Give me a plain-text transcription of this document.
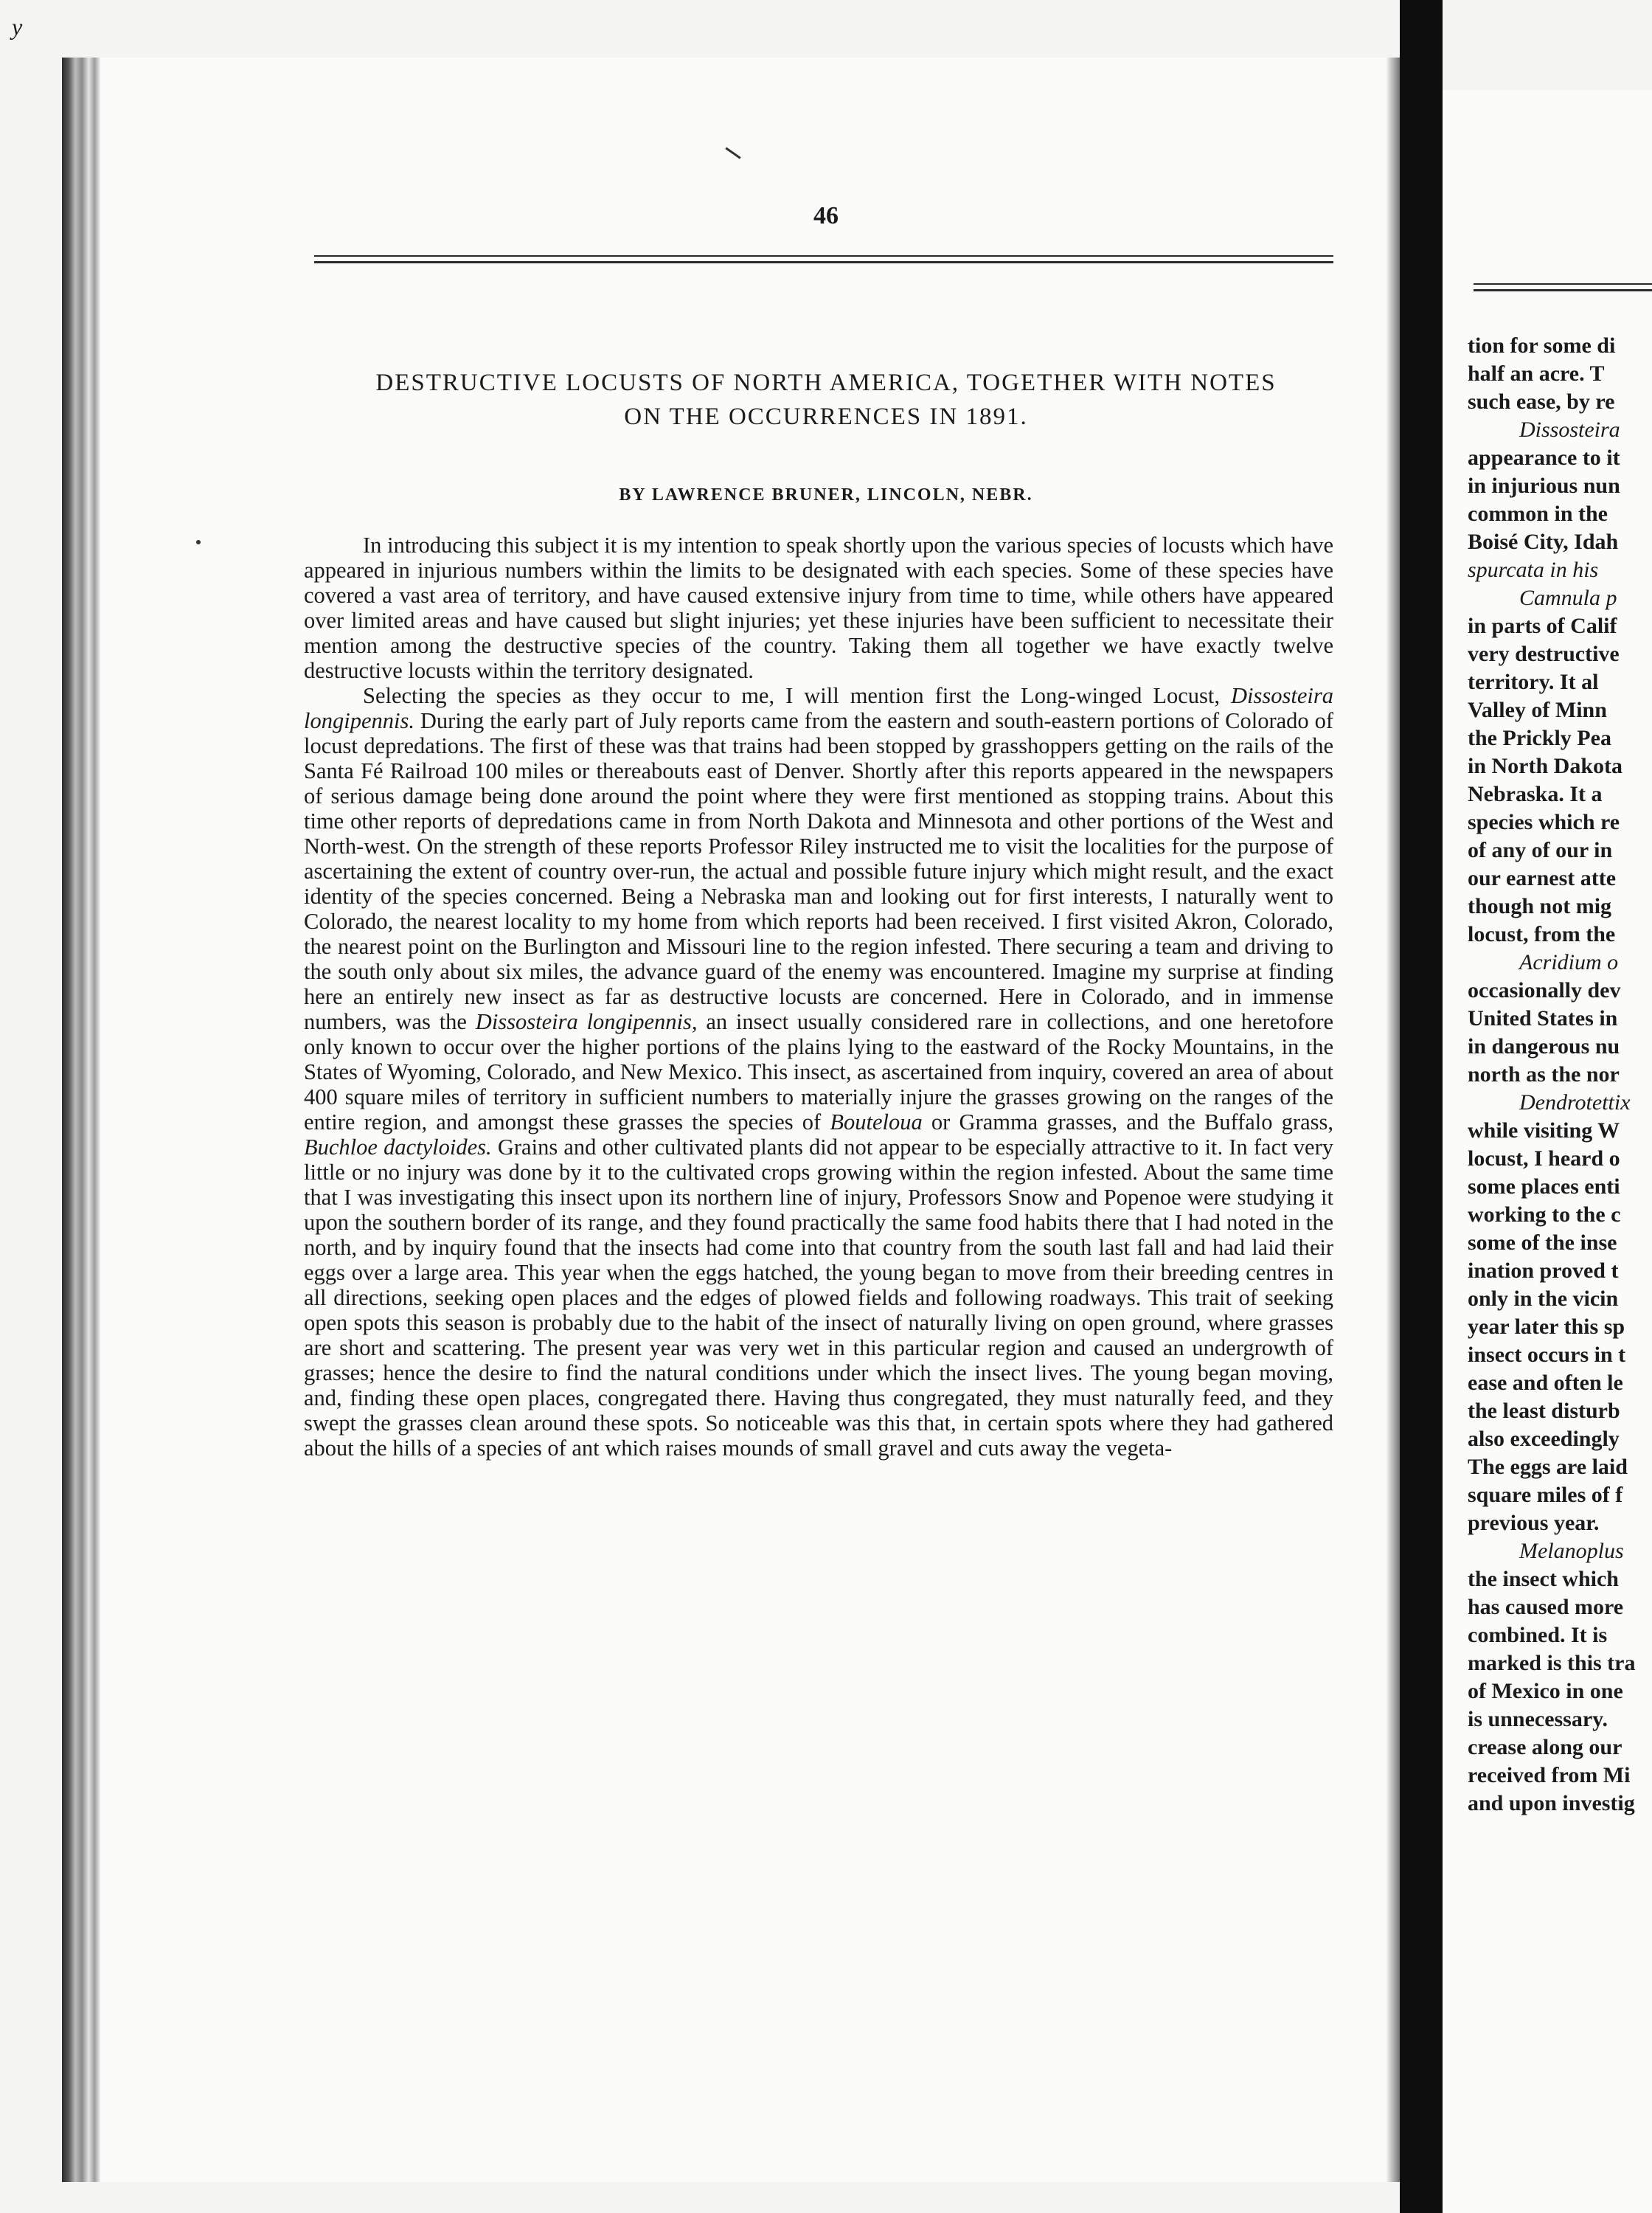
y
46
DESTRUCTIVE LOCUSTS OF NORTH AMERICA, TOGETHER WITH NOTES
ON THE OCCURRENCES IN 1891.
BY LAWRENCE BRUNER, LINCOLN, NEBR.

In introducing this subject it is my intention to speak shortly upon the various species of locusts which have appeared in injurious numbers within the limits to be designated with each species. Some of these species have covered a vast area of territory, and have caused extensive injury from time to time, while others have appeared over limited areas and have caused but slight injuries; yet these injuries have been sufficient to necessitate their mention among the destructive species of the country. Taking them all together we have exactly twelve destructive locusts within the territory designated.

Selecting the species as they occur to me, I will mention first the Long-winged Locust, Dissosteira longipennis. During the early part of July reports came from the eastern and south-eastern portions of Colorado of locust depredations. The first of these was that trains had been stopped by grasshoppers getting on the rails of the Santa Fé Railroad 100 miles or thereabouts east of Denver. Shortly after this reports appeared in the newspapers of serious damage being done around the point where they were first mentioned as stopping trains. About this time other reports of depredations came in from North Dakota and Minnesota and other portions of the West and North-west. On the strength of these reports Professor Riley instructed me to visit the localities for the purpose of ascertaining the extent of country over-run, the actual and possible future injury which might result, and the exact identity of the species concerned. Being a Nebraska man and looking out for first interests, I naturally went to Colorado, the nearest locality to my home from which reports had been received. I first visited Akron, Colorado, the nearest point on the Burlington and Missouri line to the region infested. There securing a team and driving to the south only about six miles, the advance guard of the enemy was encountered. Imagine my surprise at finding here an entirely new insect as far as destructive locusts are concerned. Here in Colorado, and in immense numbers, was the Dissosteira longipennis, an insect usually considered rare in collections, and one heretofore only known to occur over the higher portions of the plains lying to the eastward of the Rocky Mountains, in the States of Wyoming, Colorado, and New Mexico. This insect, as ascertained from inquiry, covered an area of about 400 square miles of territory in sufficient numbers to materially injure the grasses growing on the ranges of the entire region, and amongst these grasses the species of Bouteloua or Gramma grasses, and the Buffalo grass, Buchloe dactyloides. Grains and other cultivated plants did not appear to be especially attractive to it. In fact very little or no injury was done by it to the cultivated crops growing within the region infested. About the same time that I was investigating this insect upon its northern line of injury, Professors Snow and Popenoe were studying it upon the southern border of its range, and they found practically the same food habits there that I had noted in the north, and by inquiry found that the insects had come into that country from the south last fall and had laid their eggs over a large area. This year when the eggs hatched, the young began to move from their breeding centres in all directions, seeking open places and the edges of plowed fields and following roadways. This trait of seeking open spots this season is probably due to the habit of the insect of naturally living on open ground, where grasses are short and scattering. The present year was very wet in this particular region and caused an undergrowth of grasses; hence the desire to find the natural conditions under which the insect lives. The young began moving, and, finding these open places, congregated there. Having thus congregated, they must naturally feed, and they swept the grasses clean around these spots. So noticeable was this that, in certain spots where they had gathered about the hills of a species of ant which raises mounds of small gravel and cuts away the vegeta-

tion for some di
half an acre. T
such ease, by re
Dissosteira
appearance to it
in injurious nun
common in the
Boisé City, Idah
spurcata in his
Camnula p
in parts of Calif
very destructive
territory. It al
Valley of Minn
the Prickly Pea
in North Dakota
Nebraska. It a
species which re
of any of our in
our earnest atte
though not mig
locust, from the
Acridium o
occasionally dev
United States in
in dangerous nu
north as the nor
Dendrotettix
while visiting W
locust, I heard o
some places enti
working to the c
some of the inse
ination proved t
only in the vicin
year later this sp
insect occurs in t
ease and often le
the least disturb
also exceedingly
The eggs are laid
square miles of f
previous year.
Melanoplus
the insect which
has caused more
combined. It is
marked is this tra
of Mexico in one
is unnecessary.
crease along our
received from Mi
and upon investig
